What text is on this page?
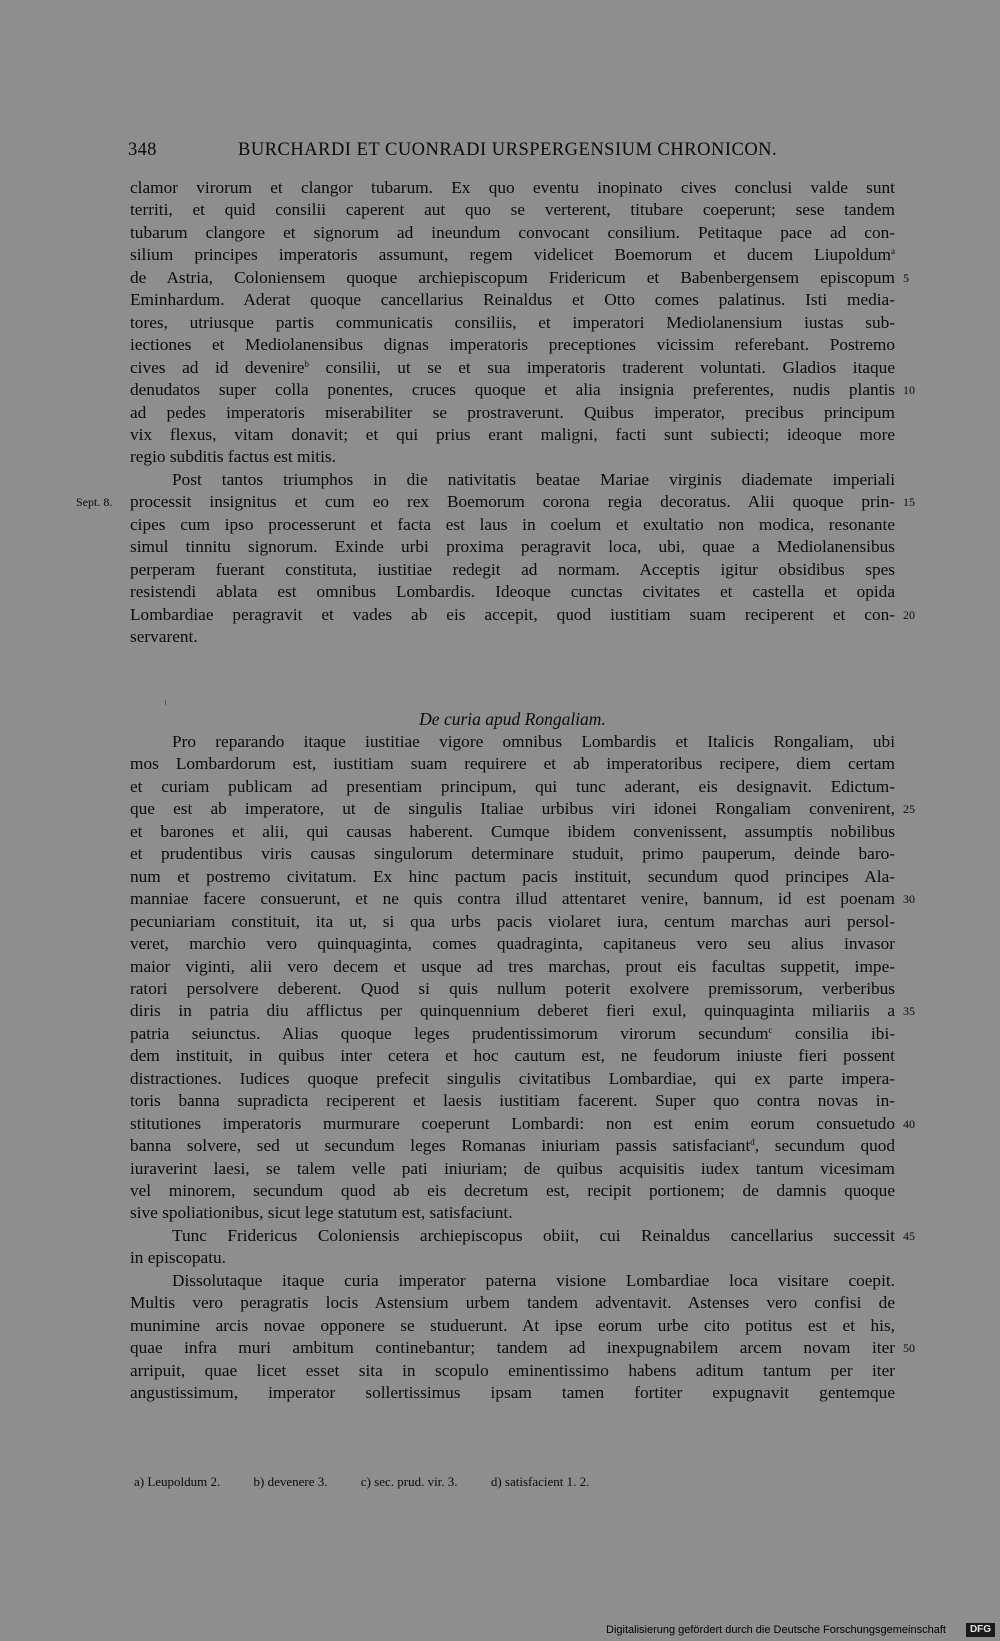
348	BURCHARDI ET CUONRADI URSPERGENSIUM CHRONICON.
Sept. 8.
clamor virorum et clangor tubarum. Ex quo eventu inopinato cives conclusi valde sunt
territi, et quid consilii caperent aut quo se verterent, titubare coeperunt; sese tandem
tubarum clangore et signorum ad ineundum convocant consilium. Petitaque pace ad con-
silium principes imperatoris assumunt, regem videlicet Boemorum et ducem Liupoldum$^a$
de Astria, Coloniensem quoque archiepiscopum Fridericum et Babenbergensem episcopum 5
Eminhardum. Aderat quoque cancellarius Reinaldus et Otto comes palatinus. Isti media-
tores, utriusque partis communicatis consiliis, et imperatori Mediolanensium iustas sub-
iectiones et Mediolanensibus dignas imperatoris preceptiones vicissim referebant. Postremo
cives ad id devenire$^b$ consilii, ut se et sua imperatoris traderent voluntati. Gladios itaque
denudatos super colla ponentes, cruces quoque et alia insignia preferentes, nudis plantis 10
ad pedes imperatoris miserabiliter se prostraverunt. Quibus imperator, precibus principum
vix flexus, vitam donavit; et qui prius erant maligni, facti sunt subiecti; ideoque more
regio subditis factus est mitis.
Post tantos triumphos in die nativitatis beatae Mariae virginis diademate imperiali
processit insignitus et cum eo rex Boemorum corona regia decoratus. Alii quoque prin- 15
cipes cum ipso processerunt et facta est laus in coelum et exultatio non modica, resonante
simul tinnitu signorum. Exinde urbi proxima peragravit loca, ubi, quae a Mediolanensibus
perperam fuerant constituta, iustitiae redegit ad normam. Acceptis igitur obsidibus spes
resistendi ablata est omnibus Lombardis. Ideoque cunctas civitates et castella et opida
Lombardiae peragravit et vades ab eis accepit, quod iustitiam suam reciperent et con- 20
servarent.
Pro reparando itaque iustitiae vigore omnibus Lombardis et Italicis Rongaliam, ubi
mos Lombardorum est, iustitiam suam requirere et ab imperatoribus recipere, diem certam
et curiam publicam ad presentiam principum, qui tunc aderant, eis designavit. Edictum-
que est ab imperatore, ut de singulis Italiae urbibus viri idonei Rongaliam convenirent, 25
et barones et alii, qui causas haberent. Cumque ibidem convenissent, assumptis nobilibus
et prudentibus viris causas singulorum determinare studuit, primo pauperum, deinde baro-
num et postremo civitatum. Ex hinc pactum pacis instituit, secundum quod principes Ala-
manniae facere consuerunt, et ne quis contra illud attentaret venire, bannum, id est poenam 30
pecuniariam constituit, ita ut, si qua urbs pacis violaret iura, centum marchas auri persol-
veret, marchio vero quinquaginta, comes quadraginta, capitaneus vero seu alius invasor
maior viginti, alii vero decem et usque ad tres marchas, prout eis facultas suppetit, impe-
ratori persolvere deberent. Quod si quis nullum poterit exolvere premissorum, verberibus
diris in patria diu afflictus per quinquennium deberet fieri exul, quinquaginta miliariis a 35
patria seiunctus. Alias quoque leges prudentissimorum virorum secundum$^c$ consilia ibi-
dem instituit, in quibus inter cetera et hoc cautum est, ne feudorum iniuste fieri possent
distractiones. Iudices quoque prefecit singulis civitatibus Lombardiae, qui ex parte impera-
toris banna supradicta reciperent et laesis iustitiam facerent. Super quo contra novas in-
stitutiones imperatoris murmurare coeperunt Lombardi: non est enim eorum consuetudo 40
banna solvere, sed ut secundum leges Romanas iniuriam passis satisfaciant$^d$, secundum quod
iuraverint laesi, se talem velle pati iniuriam; de quibus acquisitis iudex tantum vicesimam
vel minorem, secundum quod ab eis decretum est, recipit portionem; de damnis quoque
sive spoliationibus, sicut lege statutum est, satisfaciunt.
Tunc Fridericus Coloniensis archiepiscopus obiit, cui Reinaldus cancellarius successit 45
in episcopatu.
Dissolutaque itaque curia imperator paterna visione Lombardiae loca visitare coepit.
Multis vero peragratis locis Astensium urbem tandem adventavit. Astenses vero confisi de
munimine arcis novae opponere se studuerunt. At ipse eorum urbe cito potitus est et his,
quae infra muri ambitum continebantur; tandem ad inexpugnabilem arcem novam iter 50
arripuit, quae licet esset sita in scopulo eminentissimo habens aditum tantum per iter
angustissimum, imperator sollertissimus ipsam tamen fortiter expugnavit gentemque
De curia apud Rongaliam.
a) Leupoldum 2.	b) devenere 3.	c) sec. prud. vir. 3.	d) satisfacient 1. 2.
Digitalisierung gefördert durch die Deutsche Forschungsgemeinschaft	DFG
